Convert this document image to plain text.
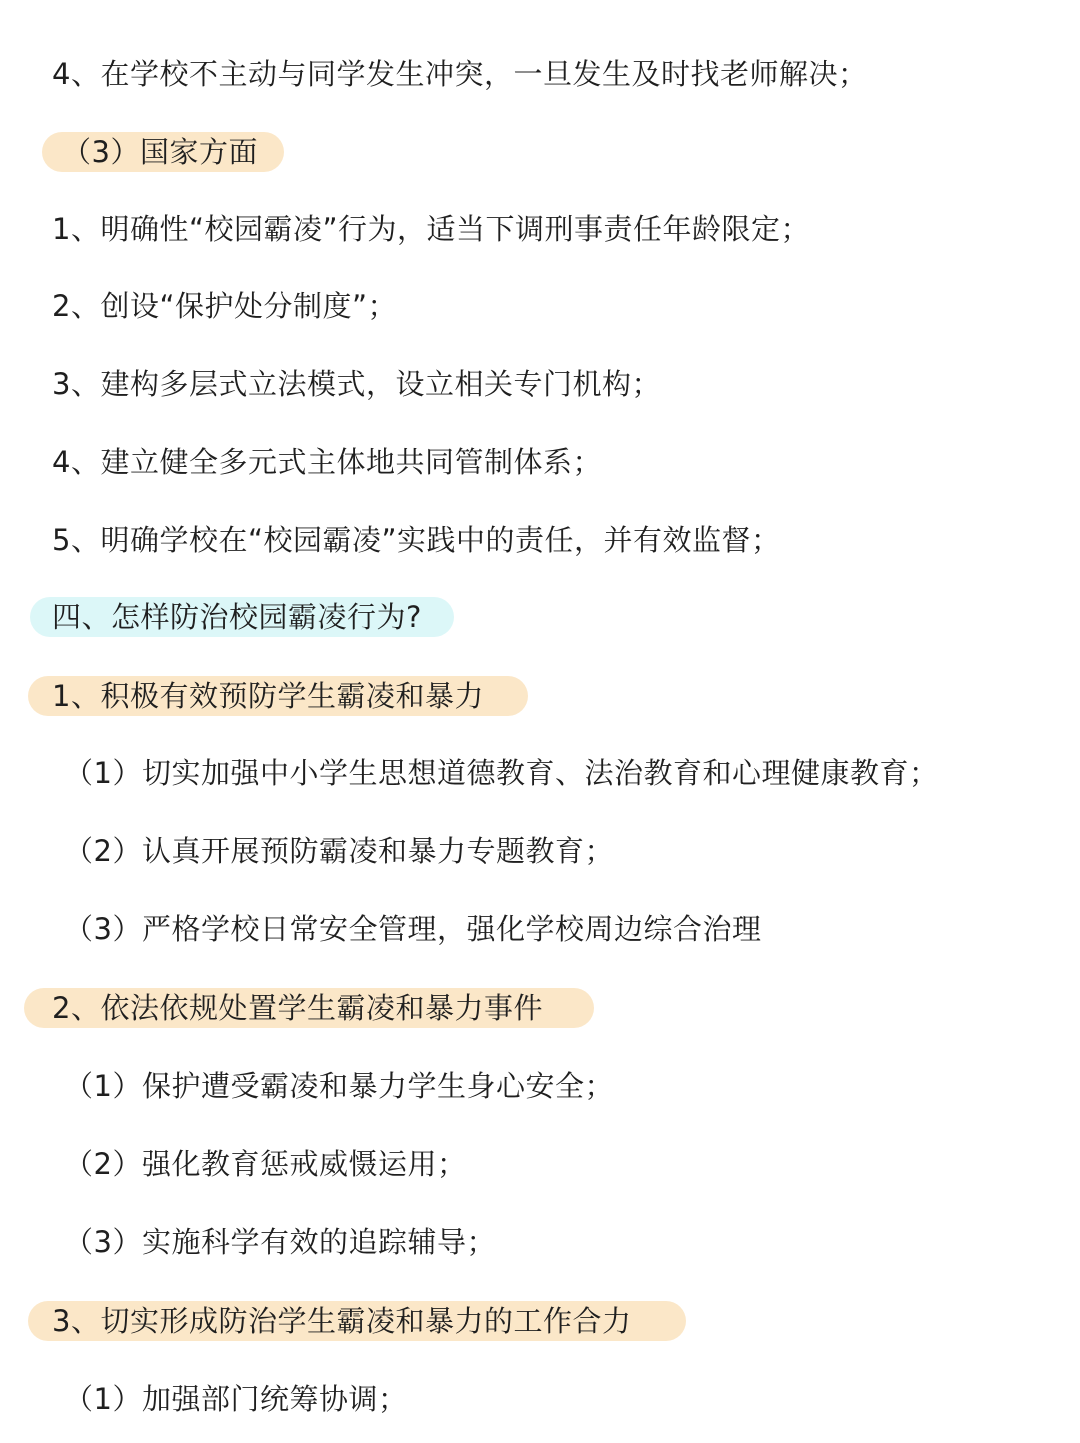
4、在学校不主动与同学发生冲突，一旦发生及时找老师解决；
（3）国家方面
1、明确性“校园霸凌”行为，适当下调刑事责任年龄限定；
2、创设“保护处分制度”；
3、建构多层式立法模式，设立相关专门机构；
4、建立健全多元式主体地共同管制体系；
5、明确学校在“校园霸凌”实践中的责任，并有效监督；
四、怎样防治校园霸凌行为?
1、积极有效预防学生霸凌和暴力
（1）切实加强中小学生思想道德教育、法治教育和心理健康教育；
（2）认真开展预防霸凌和暴力专题教育；
（3）严格学校日常安全管理，强化学校周边综合治理
2、依法依规处置学生霸凌和暴力事件
（1）保护遭受霸凌和暴力学生身心安全；
（2）强化教育惩戒威慑运用；
（3）实施科学有效的追踪辅导；
3、切实形成防治学生霸凌和暴力的工作合力
（1）加强部门统筹协调；
